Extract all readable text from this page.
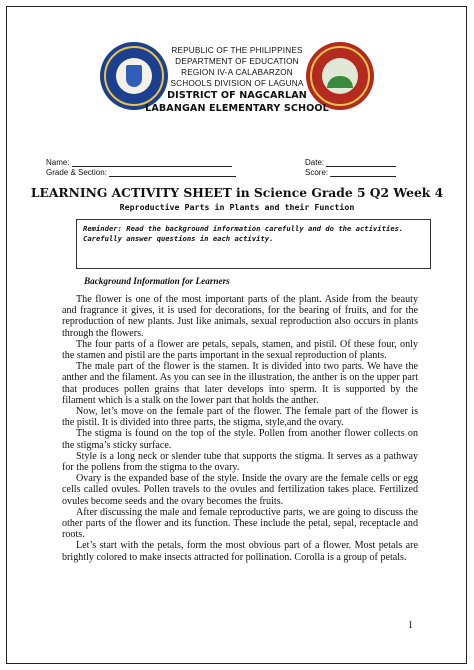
REPUBLIC OF THE PHILIPPINES
DEPARTMENT OF EDUCATION
REGION IV-A CALABARZON
SCHOOLS DIVISION OF LAGUNA
DISTRICT OF NAGCARLAN
LABANGAN ELEMENTARY SCHOOL
Name:
Grade & Section:
Date:
Score:
LEARNING ACTIVITY SHEET in Science Grade 5 Q2 Week 4
Reproductive Parts in Plants and their Function
Reminder: Read the background information carefully and do the activities. Carefully answer questions in each activity.
Background Information for Learners

The flower is one of the most important parts of the plant. Aside from the beauty and fragrance it gives, it is used for decorations, for the bearing of fruits, and for the reproduction of new plants. Just like animals, sexual reproduction also occurs in plants through the flowers.

The four parts of a flower are petals, sepals, stamen, and pistil. Of these four, only the stamen and pistil are the parts important in the sexual reproduction of plants.

The male part of the flower is the stamen. It is divided into two parts. We have the anther and the filament. As you can see in the illustration, the anther is on the upper part that produces pollen grains that later develops into sperm. It is supported by the filament which is a stalk on the lower part that holds the anther.

Now, let’s move on the female part of the flower. The female part of the flower is the pistil. It is divided into three parts, the stigma, style,and the ovary.

The stigma is found on the top of the style. Pollen from another flower collects on the stigma’s sticky surface.

Style is a long neck or slender tube that supports the stigma. It serves as a pathway for the pollens from the stigma to the ovary.

Ovary is the expanded base of the style. Inside the ovary are the female cells or egg cells called ovules. Pollen travels to the ovules and fertilization takes place. Fertilized ovules become seeds and the ovary becomes the fruits.

After discussing the male and female reproductive parts, we are going to discuss the other parts of the flower and its function. These include the petal, sepal, receptacle and roots.

Let’s start with the petals, form the most obvious part of a flower. Most petals are brightly colored to make insects attracted for pollination. Corolla is a group of petals.

1
